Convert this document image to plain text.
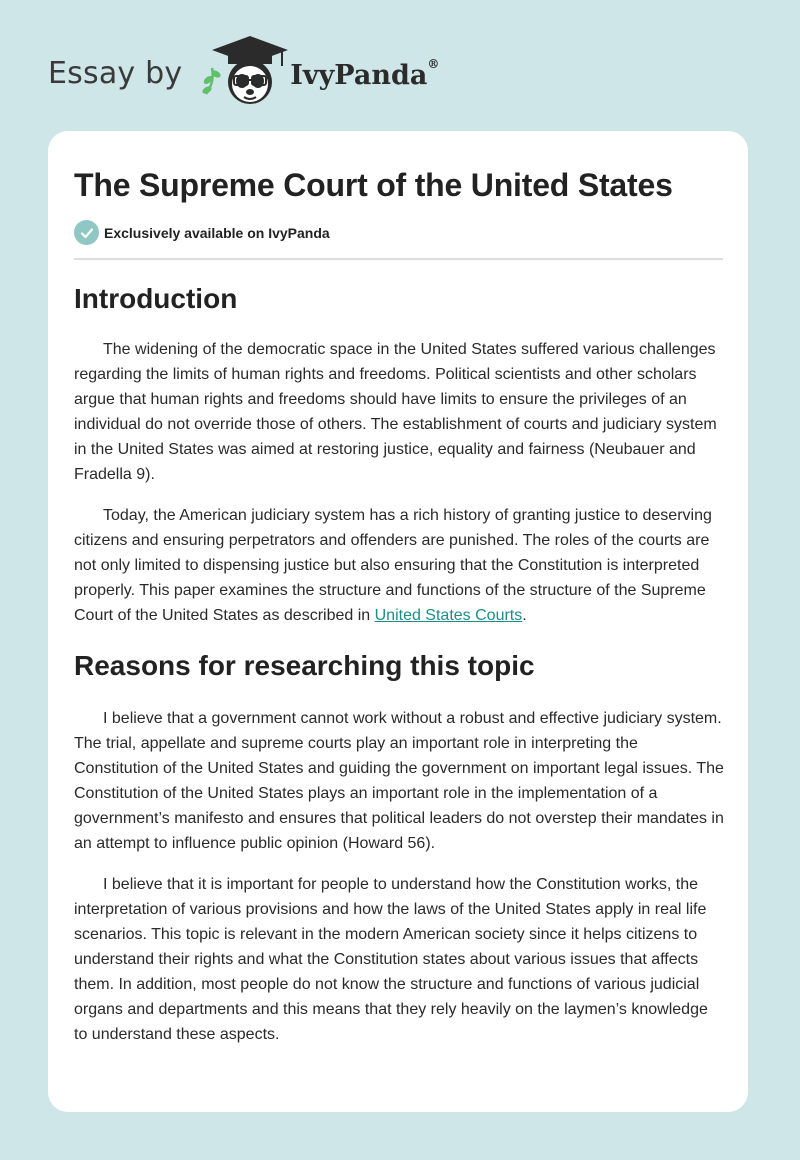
Essay by	IvyPanda®
The Supreme Court of the United States
Exclusively available on IvyPanda
Introduction

The widening of the democratic space in the United States suffered various challenges regarding the limits of human rights and freedoms. Political scientists and other scholars argue that human rights and freedoms should have limits to ensure the privileges of an individual do not override those of others. The establishment of courts and judiciary system in the United States was aimed at restoring justice, equality and fairness (Neubauer and Fradella 9).

Today, the American judiciary system has a rich history of granting justice to deserving citizens and ensuring perpetrators and offenders are punished. The roles of the courts are not only limited to dispensing justice but also ensuring that the Constitution is interpreted properly. This paper examines the structure and functions of the structure of the Supreme Court of the United States as described in United States Courts.

Reasons for researching this topic

I believe that a government cannot work without a robust and effective judiciary system. The trial, appellate and supreme courts play an important role in interpreting the Constitution of the United States and guiding the government on important legal issues. The Constitution of the United States plays an important role in the implementation of a government’s manifesto and ensures that political leaders do not overstep their mandates in an attempt to influence public opinion (Howard 56).

I believe that it is important for people to understand how the Constitution works, the interpretation of various provisions and how the laws of the United States apply in real life scenarios. This topic is relevant in the modern American society since it helps citizens to understand their rights and what the Constitution states about various issues that affects them. In addition, most people do not know the structure and functions of various judicial organs and departments and this means that they rely heavily on the laymen’s knowledge to understand these aspects.
